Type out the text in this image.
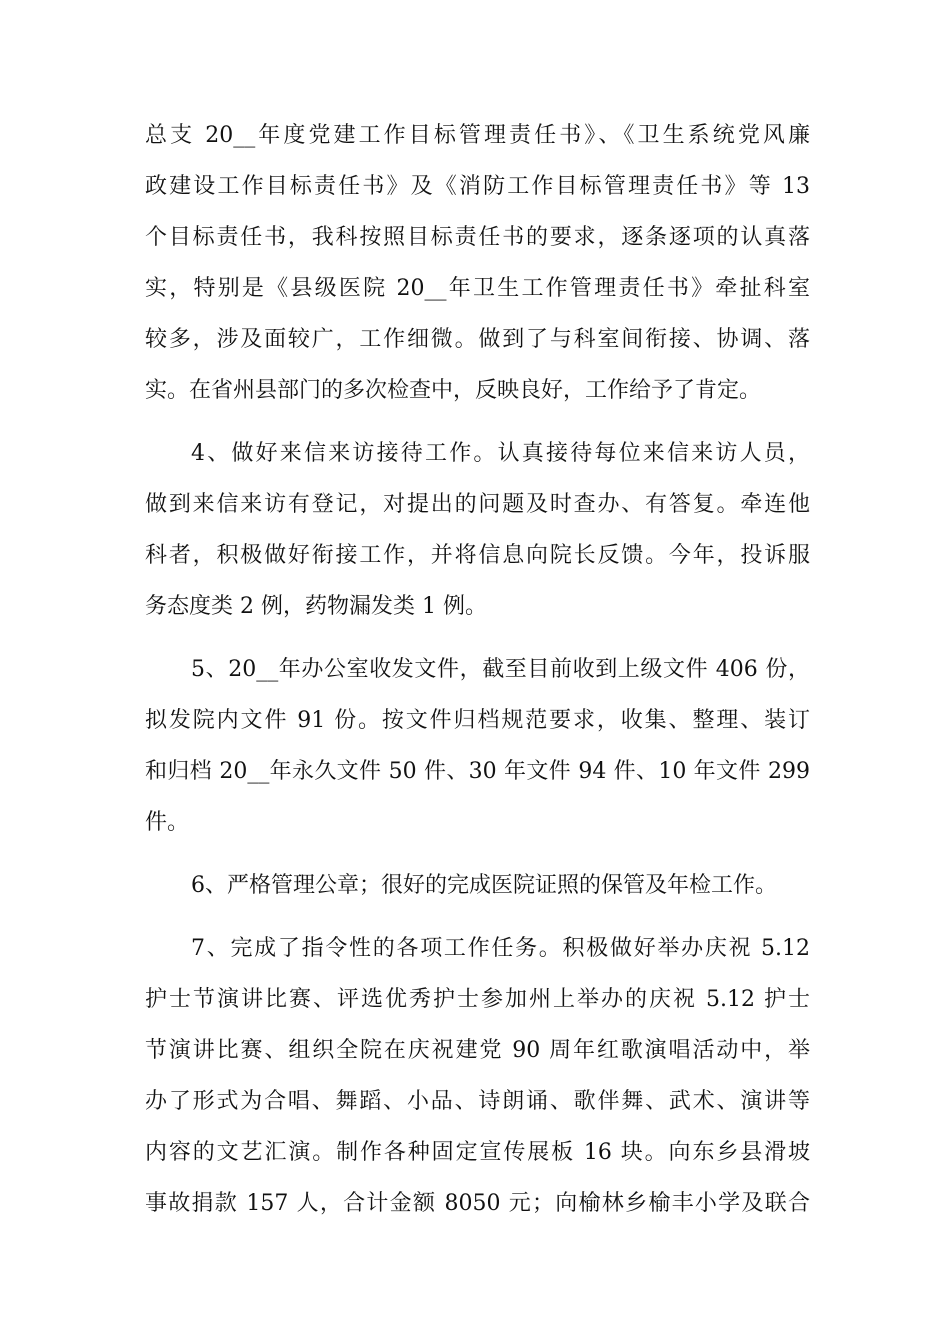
总支 20__年度党建工作目标管理责任书》、《卫生系统党风廉
政建设工作目标责任书》及《消防工作目标管理责任书》等 13
个目标责任书，我科按照目标责任书的要求，逐条逐项的认真落
实，特别是《县级医院 20__年卫生工作管理责任书》牵扯科室
较多，涉及面较广，工作细微。做到了与科室间衔接、协调、落
实。在省州县部门的多次检查中，反映良好，工作给予了肯定。
4、做好来信来访接待工作。认真接待每位来信来访人员，
做到来信来访有登记，对提出的问题及时查办、有答复。牵连他
科者，积极做好衔接工作，并将信息向院长反馈。今年，投诉服
务态度类 2 例，药物漏发类 1 例。
5、20__年办公室收发文件，截至目前收到上级文件 406 份，
拟发院内文件 91 份。按文件归档规范要求，收集、整理、装订
和归档 20__年永久文件 50 件、30 年文件 94 件、10 年文件 299
件。
6、严格管理公章；很好的完成医院证照的保管及年检工作。
7、完成了指令性的各项工作任务。积极做好举办庆祝 5.12
护士节演讲比赛、评选优秀护士参加州上举办的庆祝 5.12 护士
节演讲比赛、组织全院在庆祝建党 90 周年红歌演唱活动中，举
办了形式为合唱、舞蹈、小品、诗朗诵、歌伴舞、武术、演讲等
内容的文艺汇演。制作各种固定宣传展板 16 块。向东乡县滑坡
事故捐款 157 人，合计金额 8050 元；向榆林乡榆丰小学及联合
